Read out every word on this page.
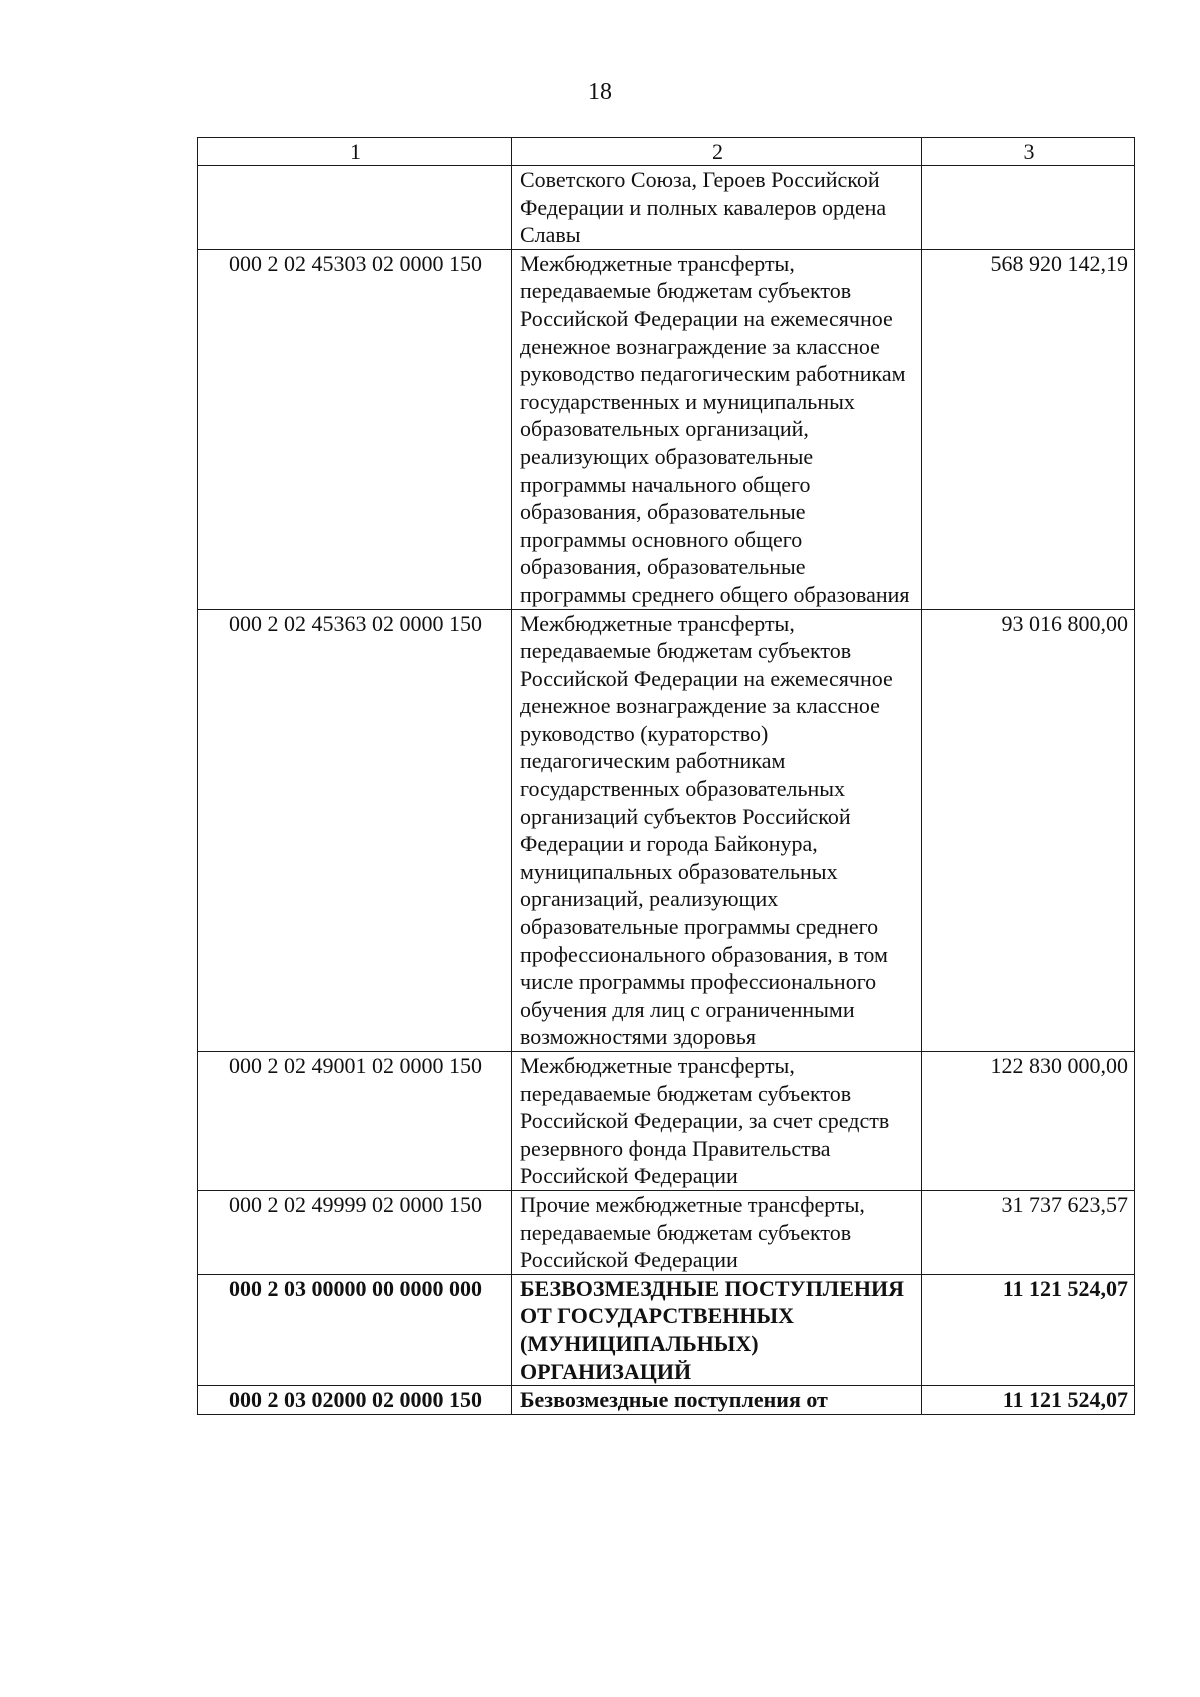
18
1	2	3
	Советского Союза, Героев Российской Федерации и полных кавалеров ордена Славы	
000 2 02 45303 02 0000 150	Межбюджетные трансферты, передаваемые бюджетам субъектов Российской Федерации на ежемесячное денежное вознаграждение за классное руководство педагогическим работникам государственных и муниципальных образовательных организаций, реализующих образовательные программы начального общего образования, образовательные программы основного общего образования, образовательные программы среднего общего образования	568 920 142,19
000 2 02 45363 02 0000 150	Межбюджетные трансферты, передаваемые бюджетам субъектов Российской Федерации на ежемесячное денежное вознаграждение за классное руководство (кураторство) педагогическим работникам государственных образовательных организаций субъектов Российской Федерации и города Байконура, муниципальных образовательных организаций, реализующих образовательные программы среднего профессионального образования, в том числе программы профессионального обучения для лиц с ограниченными возможностями здоровья	93 016 800,00
000 2 02 49001 02 0000 150	Межбюджетные трансферты, передаваемые бюджетам субъектов Российской Федерации, за счет средств резервного фонда Правительства Российской Федерации	122 830 000,00
000 2 02 49999 02 0000 150	Прочие межбюджетные трансферты, передаваемые бюджетам субъектов Российской Федерации	31 737 623,57
000 2 03 00000 00 0000 000	БЕЗВОЗМЕЗДНЫЕ ПОСТУПЛЕНИЯ ОТ ГОСУДАРСТВЕННЫХ (МУНИЦИПАЛЬНЫХ) ОРГАНИЗАЦИЙ	11 121 524,07
000 2 03 02000 02 0000 150	Безвозмездные поступления от	11 121 524,07
